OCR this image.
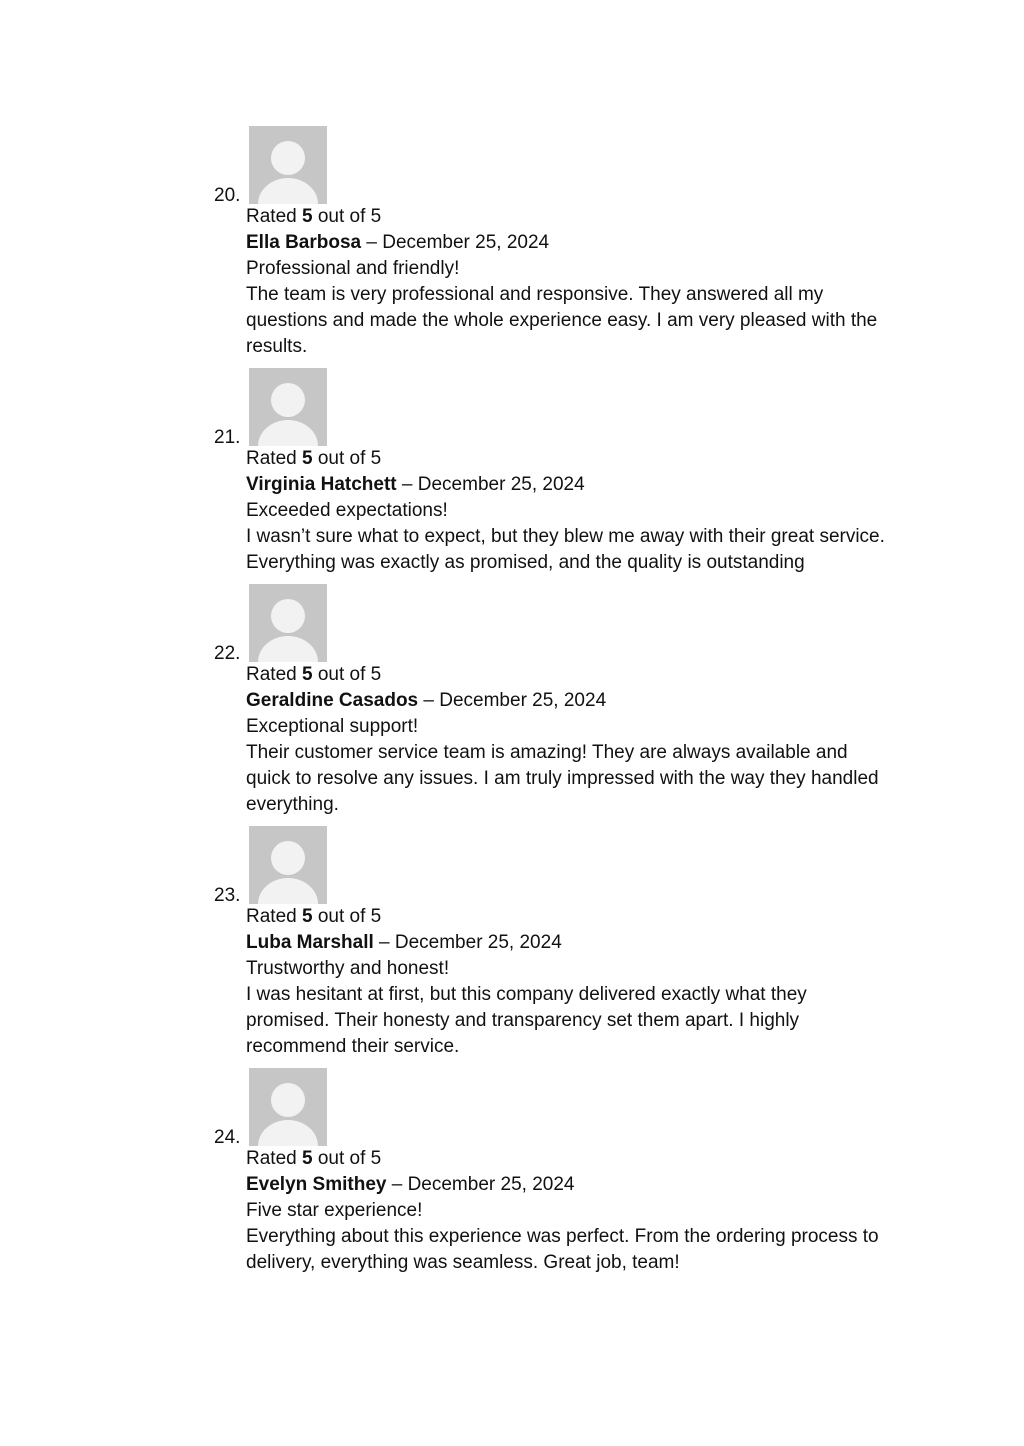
20.
Rated 5 out of 5
Ella Barbosa – December 25, 2024
Professional and friendly!
The team is very professional and responsive. They answered all my questions and made the whole experience easy. I am very pleased with the results.
21.
Rated 5 out of 5
Virginia Hatchett – December 25, 2024
Exceeded expectations!
I wasn’t sure what to expect, but they blew me away with their great service. Everything was exactly as promised, and the quality is outstanding
22.
Rated 5 out of 5
Geraldine Casados – December 25, 2024
Exceptional support!
Their customer service team is amazing! They are always available and quick to resolve any issues. I am truly impressed with the way they handled everything.
23.
Rated 5 out of 5
Luba Marshall – December 25, 2024
Trustworthy and honest!
I was hesitant at first, but this company delivered exactly what they promised. Their honesty and transparency set them apart. I highly recommend their service.
24.
Rated 5 out of 5
Evelyn Smithey – December 25, 2024
Five star experience!
Everything about this experience was perfect. From the ordering process to delivery, everything was seamless. Great job, team!
